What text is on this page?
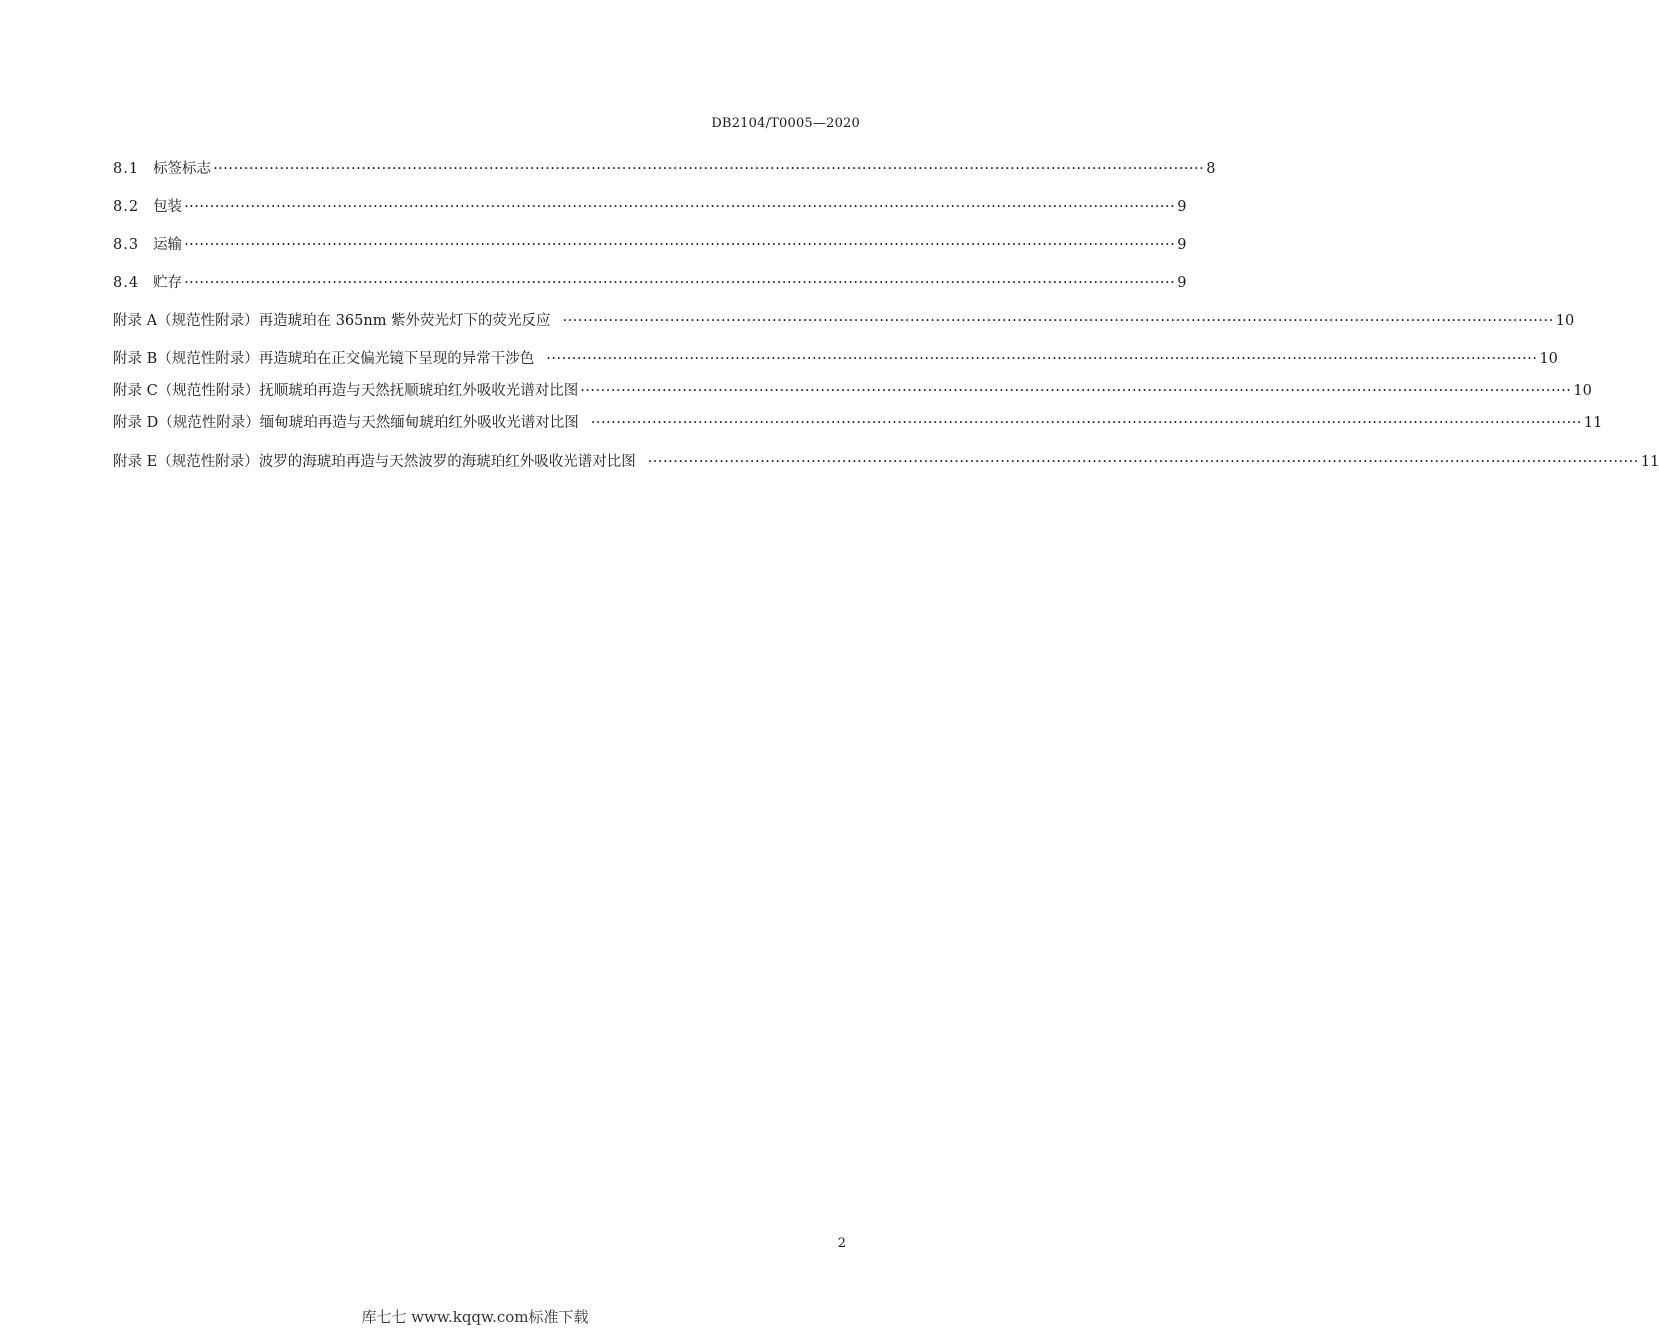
DB2104/T0005—2020
8.1 标签标志 ·····	8
8.2 包装 ·····	9
8.3 运输 ·····	9
8.4 贮存 ·····	9
附录 A（规范性附录）再造琥珀在 365nm 紫外荧光灯下的荧光反应 ·····	10
附录 B（规范性附录）再造琥珀在正交偏光镜下呈现的异常干涉色 ·····	10
附录 C（规范性附录）抚顺琥珀再造与天然抚顺琥珀红外吸收光谱对比图 ·····	10
附录 D（规范性附录）缅甸琥珀再造与天然缅甸琥珀红外吸收光谱对比图 ·····	11
附录 E（规范性附录）波罗的海琥珀再造与天然波罗的海琥珀红外吸收光谱对比图 ·····	11
2
库七七 www.kqqw.com标准下载
